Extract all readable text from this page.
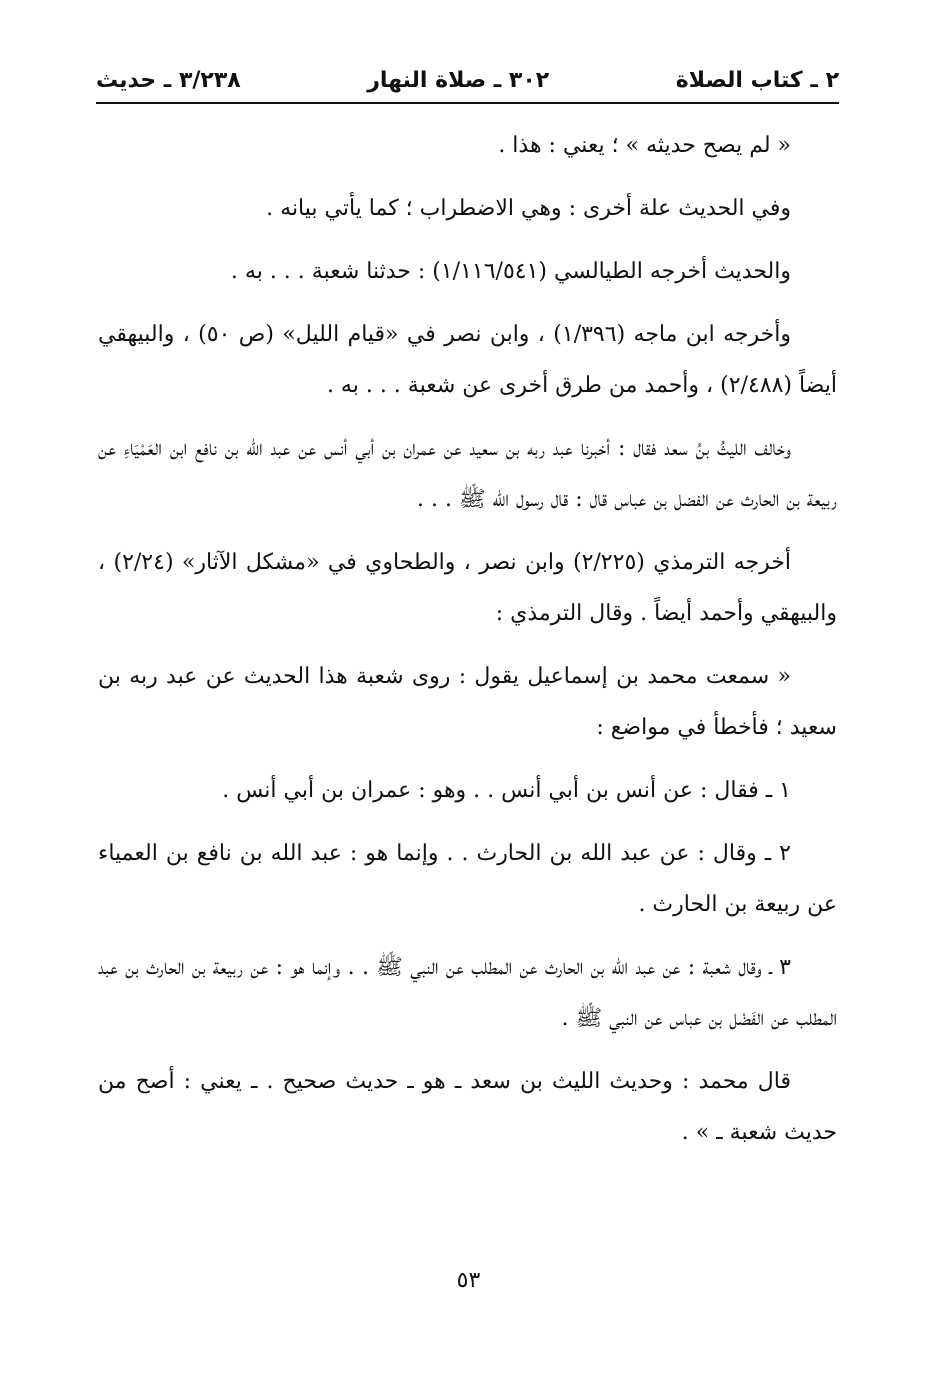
٢ ـ كتاب الصلاة
٣٠٢ ـ صلاة النهار
٣/٢٣٨ ـ حديث

« لم يصح حديثه » ؛ يعني : هذا .

وفي الحديث علة أخرى : وهي الاضطراب ؛ كما يأتي بيانه .

والحديث أخرجه الطيالسي (١/١١٦/٥٤١) : حدثنا شعبة . . . به .

وأخرجه ابن ماجه (١/٣٩٦) ، وابن نصر في «قيام الليل» (ص ٥٠) ، والبيهقي أيضاً (٢/٤٨٨) ، وأحمد من طرق أخرى عن شعبة . . . به .

وخالف الليثُ بنُ سعد فقال : أخبرنا عبد ربه بن سعيد عن عمران بن أبي أنس عن عبد الله بن نافع ابن العَمْيَاءِ عن ربيعة بن الحارث عن الفضل بن عباس قال : قال رسول الله ﷺ . . .

أخرجه الترمذي (٢/٢٢٥) وابن نصر ، والطحاوي في «مشكل الآثار» (٢/٢٤) ، والبيهقي وأحمد أيضاً . وقال الترمذي :

« سمعت محمد بن إسماعيل يقول : روى شعبة هذا الحديث عن عبد ربه بن سعيد ؛ فأخطأ في مواضع :

١ ـ فقال : عن أنس بن أبي أنس . . وهو : عمران بن أبي أنس .

٢ ـ وقال : عن عبد الله بن الحارث . . وإنما هو : عبد الله بن نافع بن العمياء عن ربيعة بن الحارث .

٣ ـ وقال شعبة : عن عبد الله بن الحارث عن المطلب عن النبي ﷺ . . وإنما هو : عن ربيعة بن الحارث بن عبد المطلب عن الفَضْل بن عباس عن النبي ﷺ .

قال محمد : وحديث الليث بن سعد ـ هو ـ حديث صحيح . ـ يعني : أصح من حديث شعبة ـ » .

٥٣
